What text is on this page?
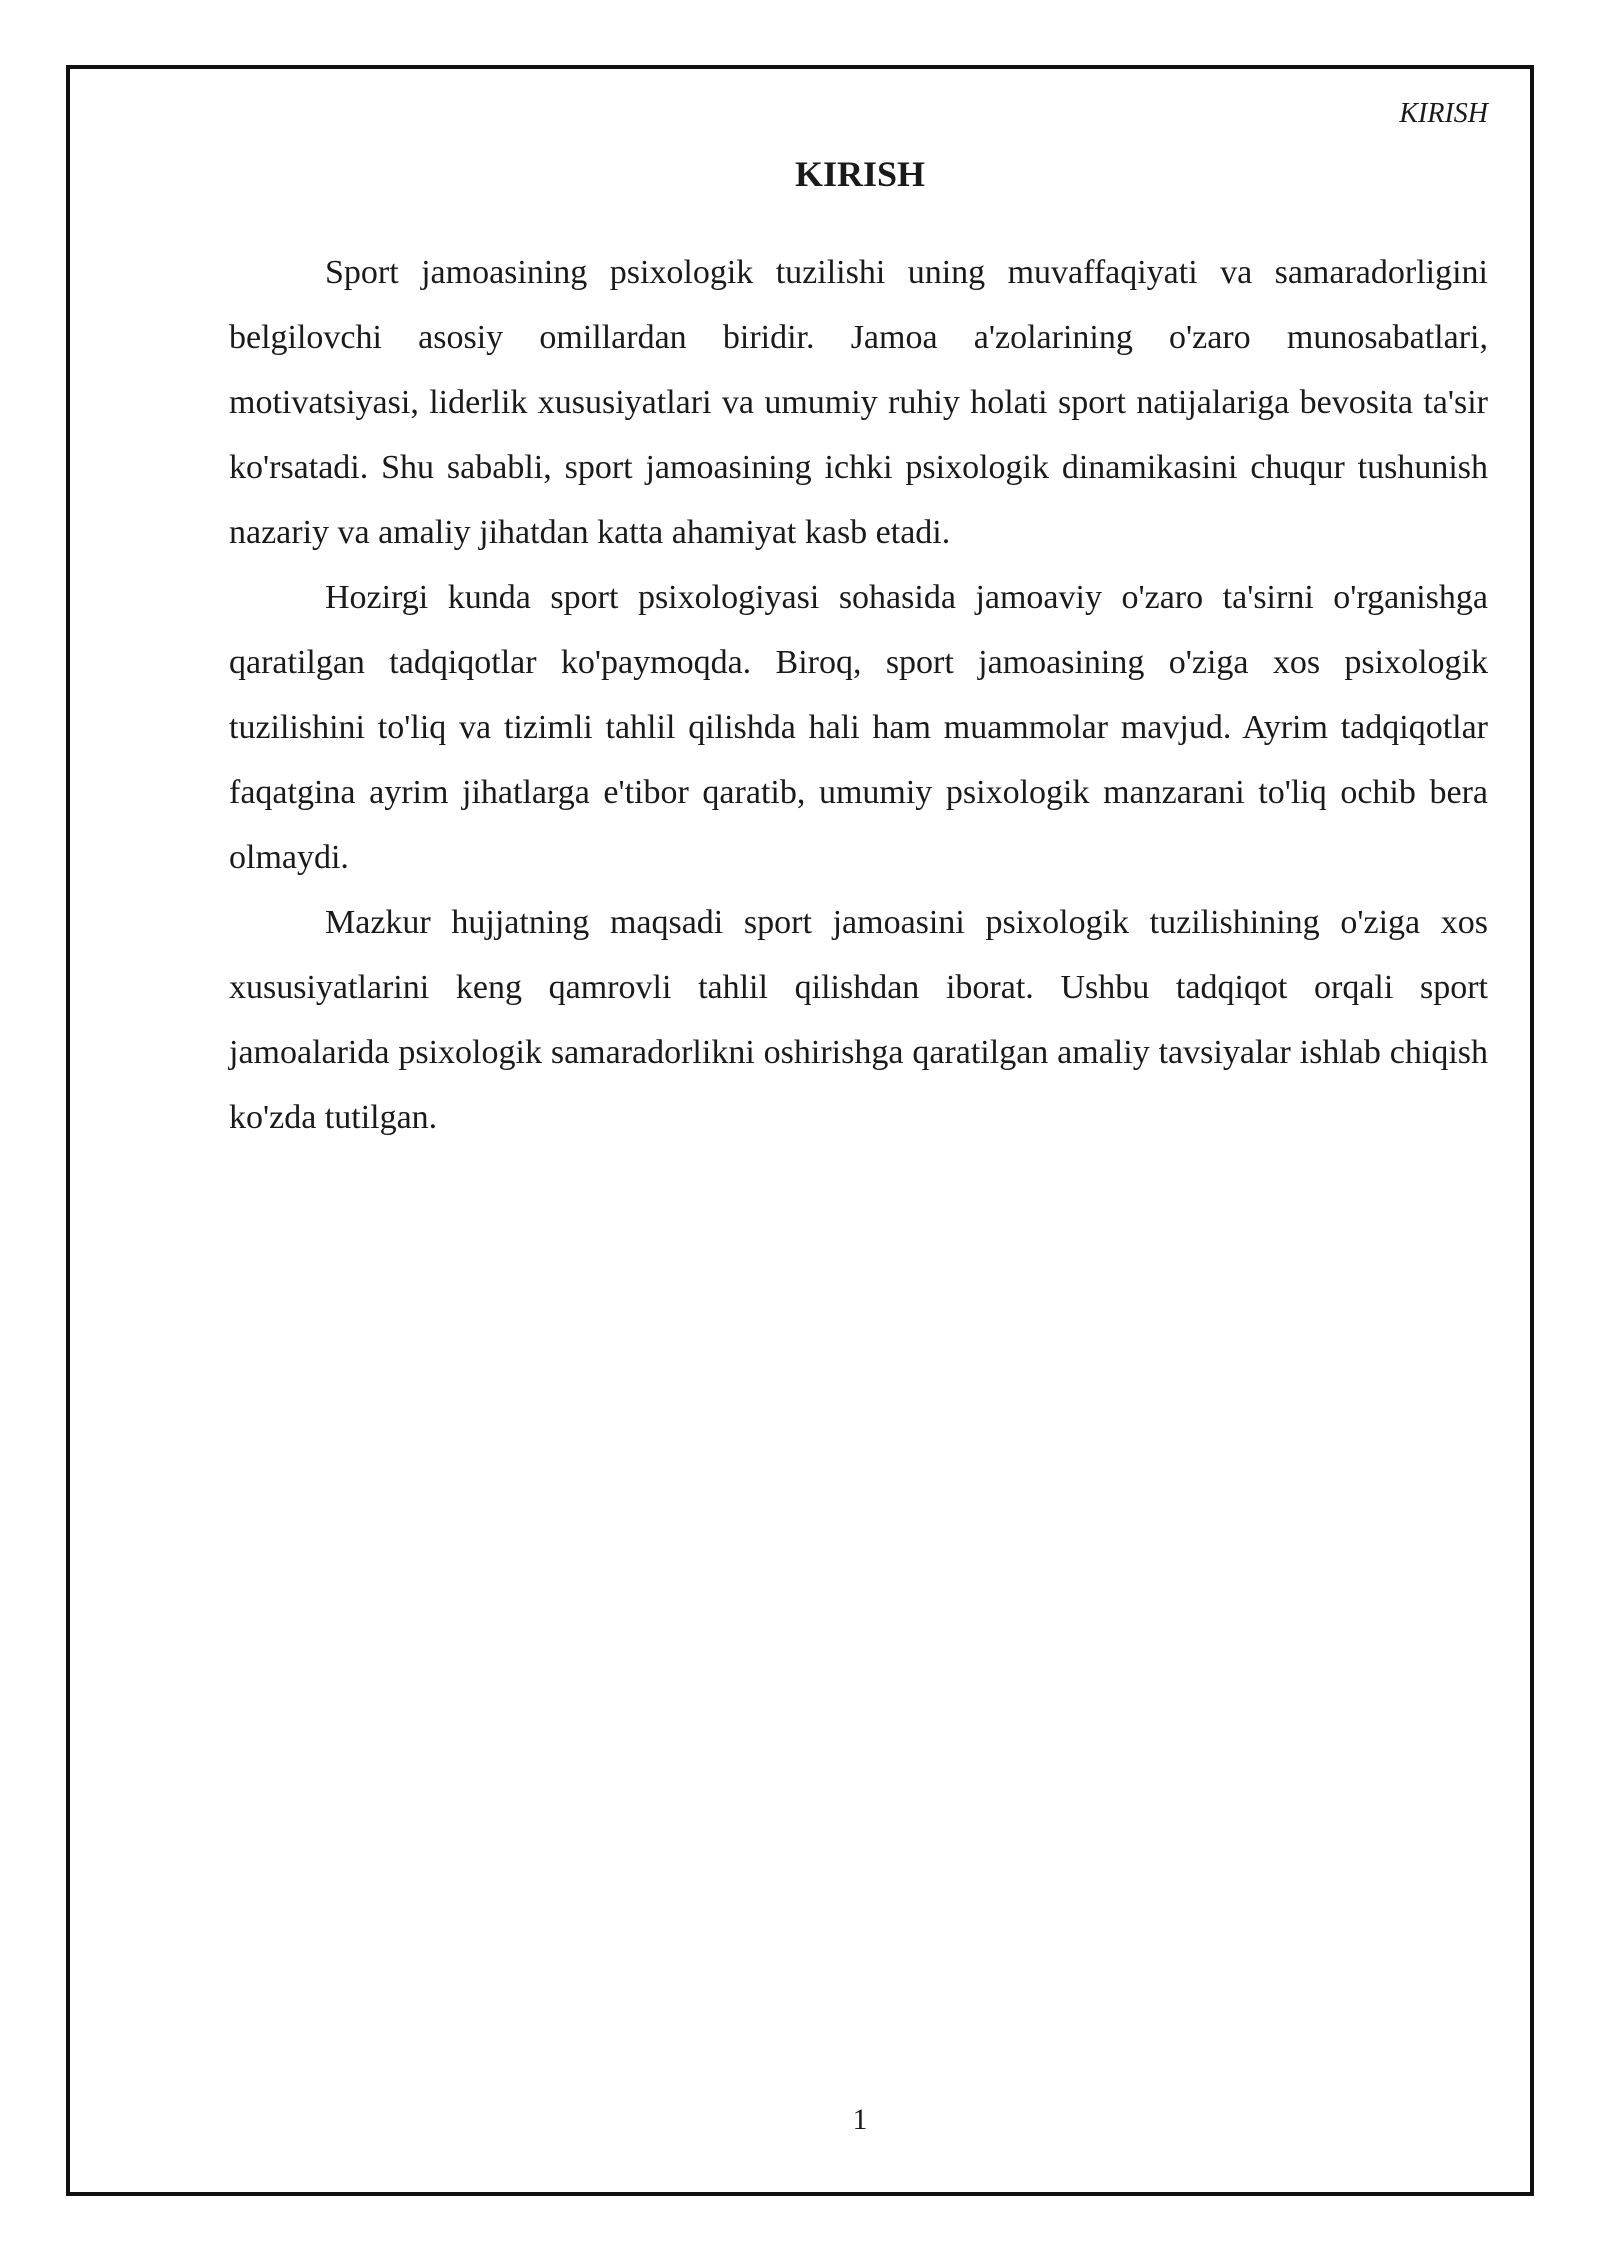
KIRISH
KIRISH

Sport jamoasining psixologik tuzilishi uning muvaffaqiyati va samaradorligini belgilovchi asosiy omillardan biridir. Jamoa a'zolarining o'zaro munosabatlari, motivatsiyasi, liderlik xususiyatlari va umumiy ruhiy holati sport natijalariga bevosita ta'sir ko'rsatadi. Shu sababli, sport jamoasining ichki psixologik dinamikasini chuqur tushunish nazariy va amaliy jihatdan katta ahamiyat kasb etadi.

Hozirgi kunda sport psixologiyasi sohasida jamoaviy o'zaro ta'sirni o'rganishga qaratilgan tadqiqotlar ko'paymoqda. Biroq, sport jamoasining o'ziga xos psixologik tuzilishini to'liq va tizimli tahlil qilishda hali ham muammolar mavjud. Ayrim tadqiqotlar faqatgina ayrim jihatlarga e'tibor qaratib, umumiy psixologik manzarani to'liq ochib bera olmaydi.

Mazkur hujjatning maqsadi sport jamoasini psixologik tuzilishining o'ziga xos xususiyatlarini keng qamrovli tahlil qilishdan iborat. Ushbu tadqiqot orqali sport jamoalarida psixologik samaradorlikni oshirishga qaratilgan amaliy tavsiyalar ishlab chiqish ko'zda tutilgan.

1
